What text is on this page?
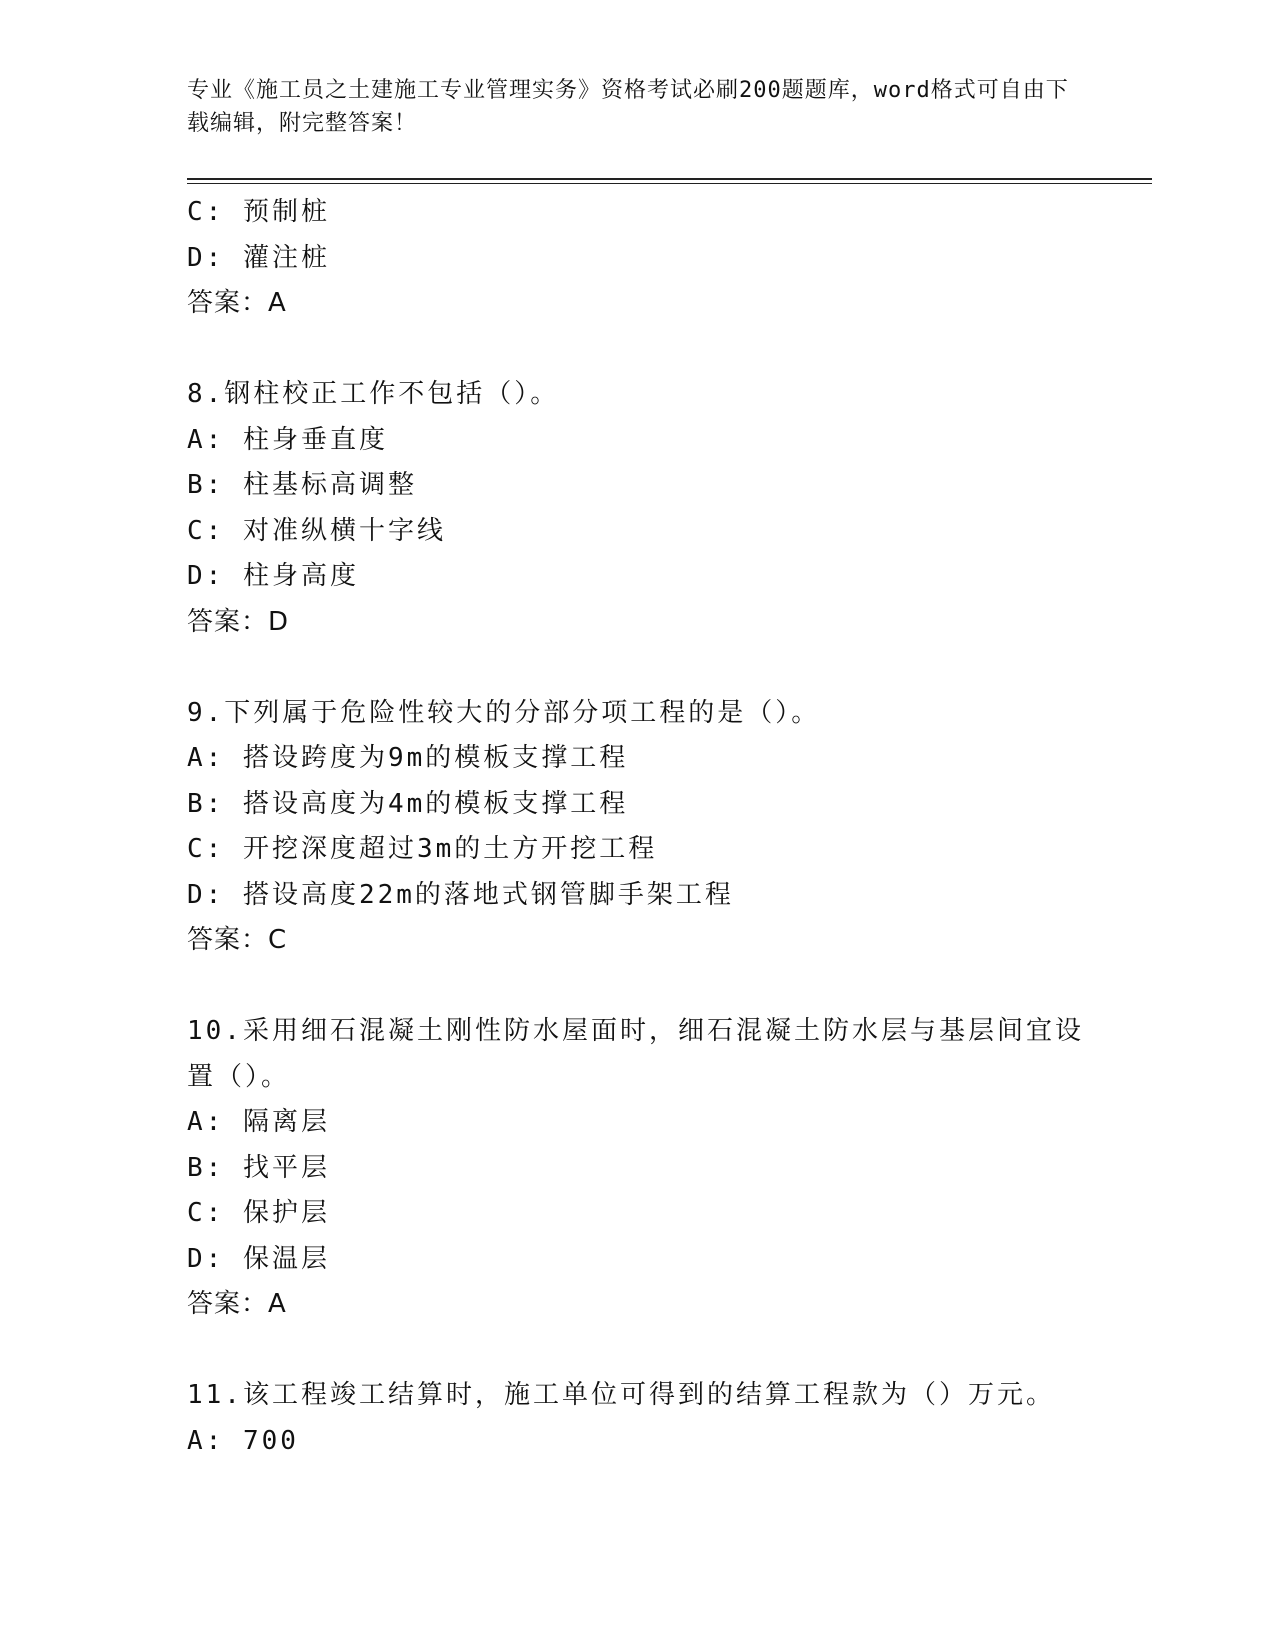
专业《施工员之土建施工专业管理实务》资格考试必刷200题题库，word格式可自由下载编辑，附完整答案！
C: 预制桩
D: 灌注桩
答案：A
8.钢柱校正工作不包括（）。
A: 柱身垂直度
B: 柱基标高调整
C: 对准纵横十字线
D: 柱身高度
答案：D
9.下列属于危险性较大的分部分项工程的是（）。
A: 搭设跨度为9m的模板支撑工程
B: 搭设高度为4m的模板支撑工程
C: 开挖深度超过3m的土方开挖工程
D: 搭设高度22m的落地式钢管脚手架工程
答案：C
10.采用细石混凝土刚性防水屋面时，细石混凝土防水层与基层间宜设
置（）。
A: 隔离层
B: 找平层
C: 保护层
D: 保温层
答案：A
11.该工程竣工结算时，施工单位可得到的结算工程款为（）万元。
A: 700
